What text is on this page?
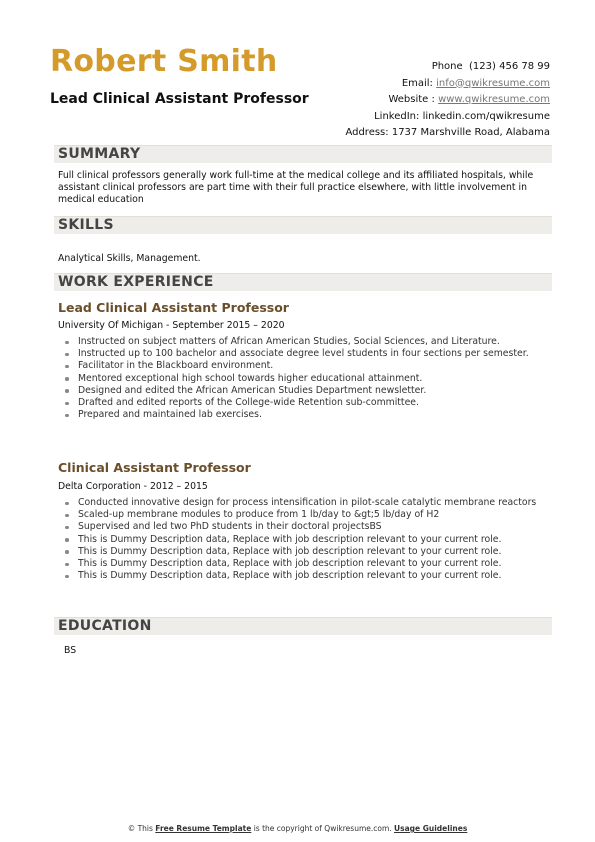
Robert Smith
Lead Clinical Assistant Professor
Phone (123) 456 78 99
Email: info@qwikresume.com
Website : www.qwikresume.com
LinkedIn: linkedin.com/qwikresume
Address: 1737 Marshville Road, Alabama
SUMMARY
Full clinical professors generally work full-time at the medical college and its affiliated hospitals, while assistant clinical professors are part time with their full practice elsewhere, with little involvement in medical education
SKILLS
Analytical Skills, Management.
WORK EXPERIENCE
Lead Clinical Assistant Professor
University Of Michigan - September 2015 – 2020
Instructed on subject matters of African American Studies, Social Sciences, and Literature.
Instructed up to 100 bachelor and associate degree level students in four sections per semester.
Facilitator in the Blackboard environment.
Mentored exceptional high school towards higher educational attainment.
Designed and edited the African American Studies Department newsletter.
Drafted and edited reports of the College-wide Retention sub-committee.
Prepared and maintained lab exercises.
Clinical Assistant Professor
Delta Corporation - 2012 – 2015
Conducted innovative design for process intensification in pilot-scale catalytic membrane reactors
Scaled-up membrane modules to produce from 1 lb/day to &gt;5 lb/day of H2
Supervised and led two PhD students in their doctoral projectsBS
This is Dummy Description data, Replace with job description relevant to your current role.
This is Dummy Description data, Replace with job description relevant to your current role.
This is Dummy Description data, Replace with job description relevant to your current role.
This is Dummy Description data, Replace with job description relevant to your current role.
EDUCATION
BS
© This Free Resume Template is the copyright of Qwikresume.com. Usage Guidelines
